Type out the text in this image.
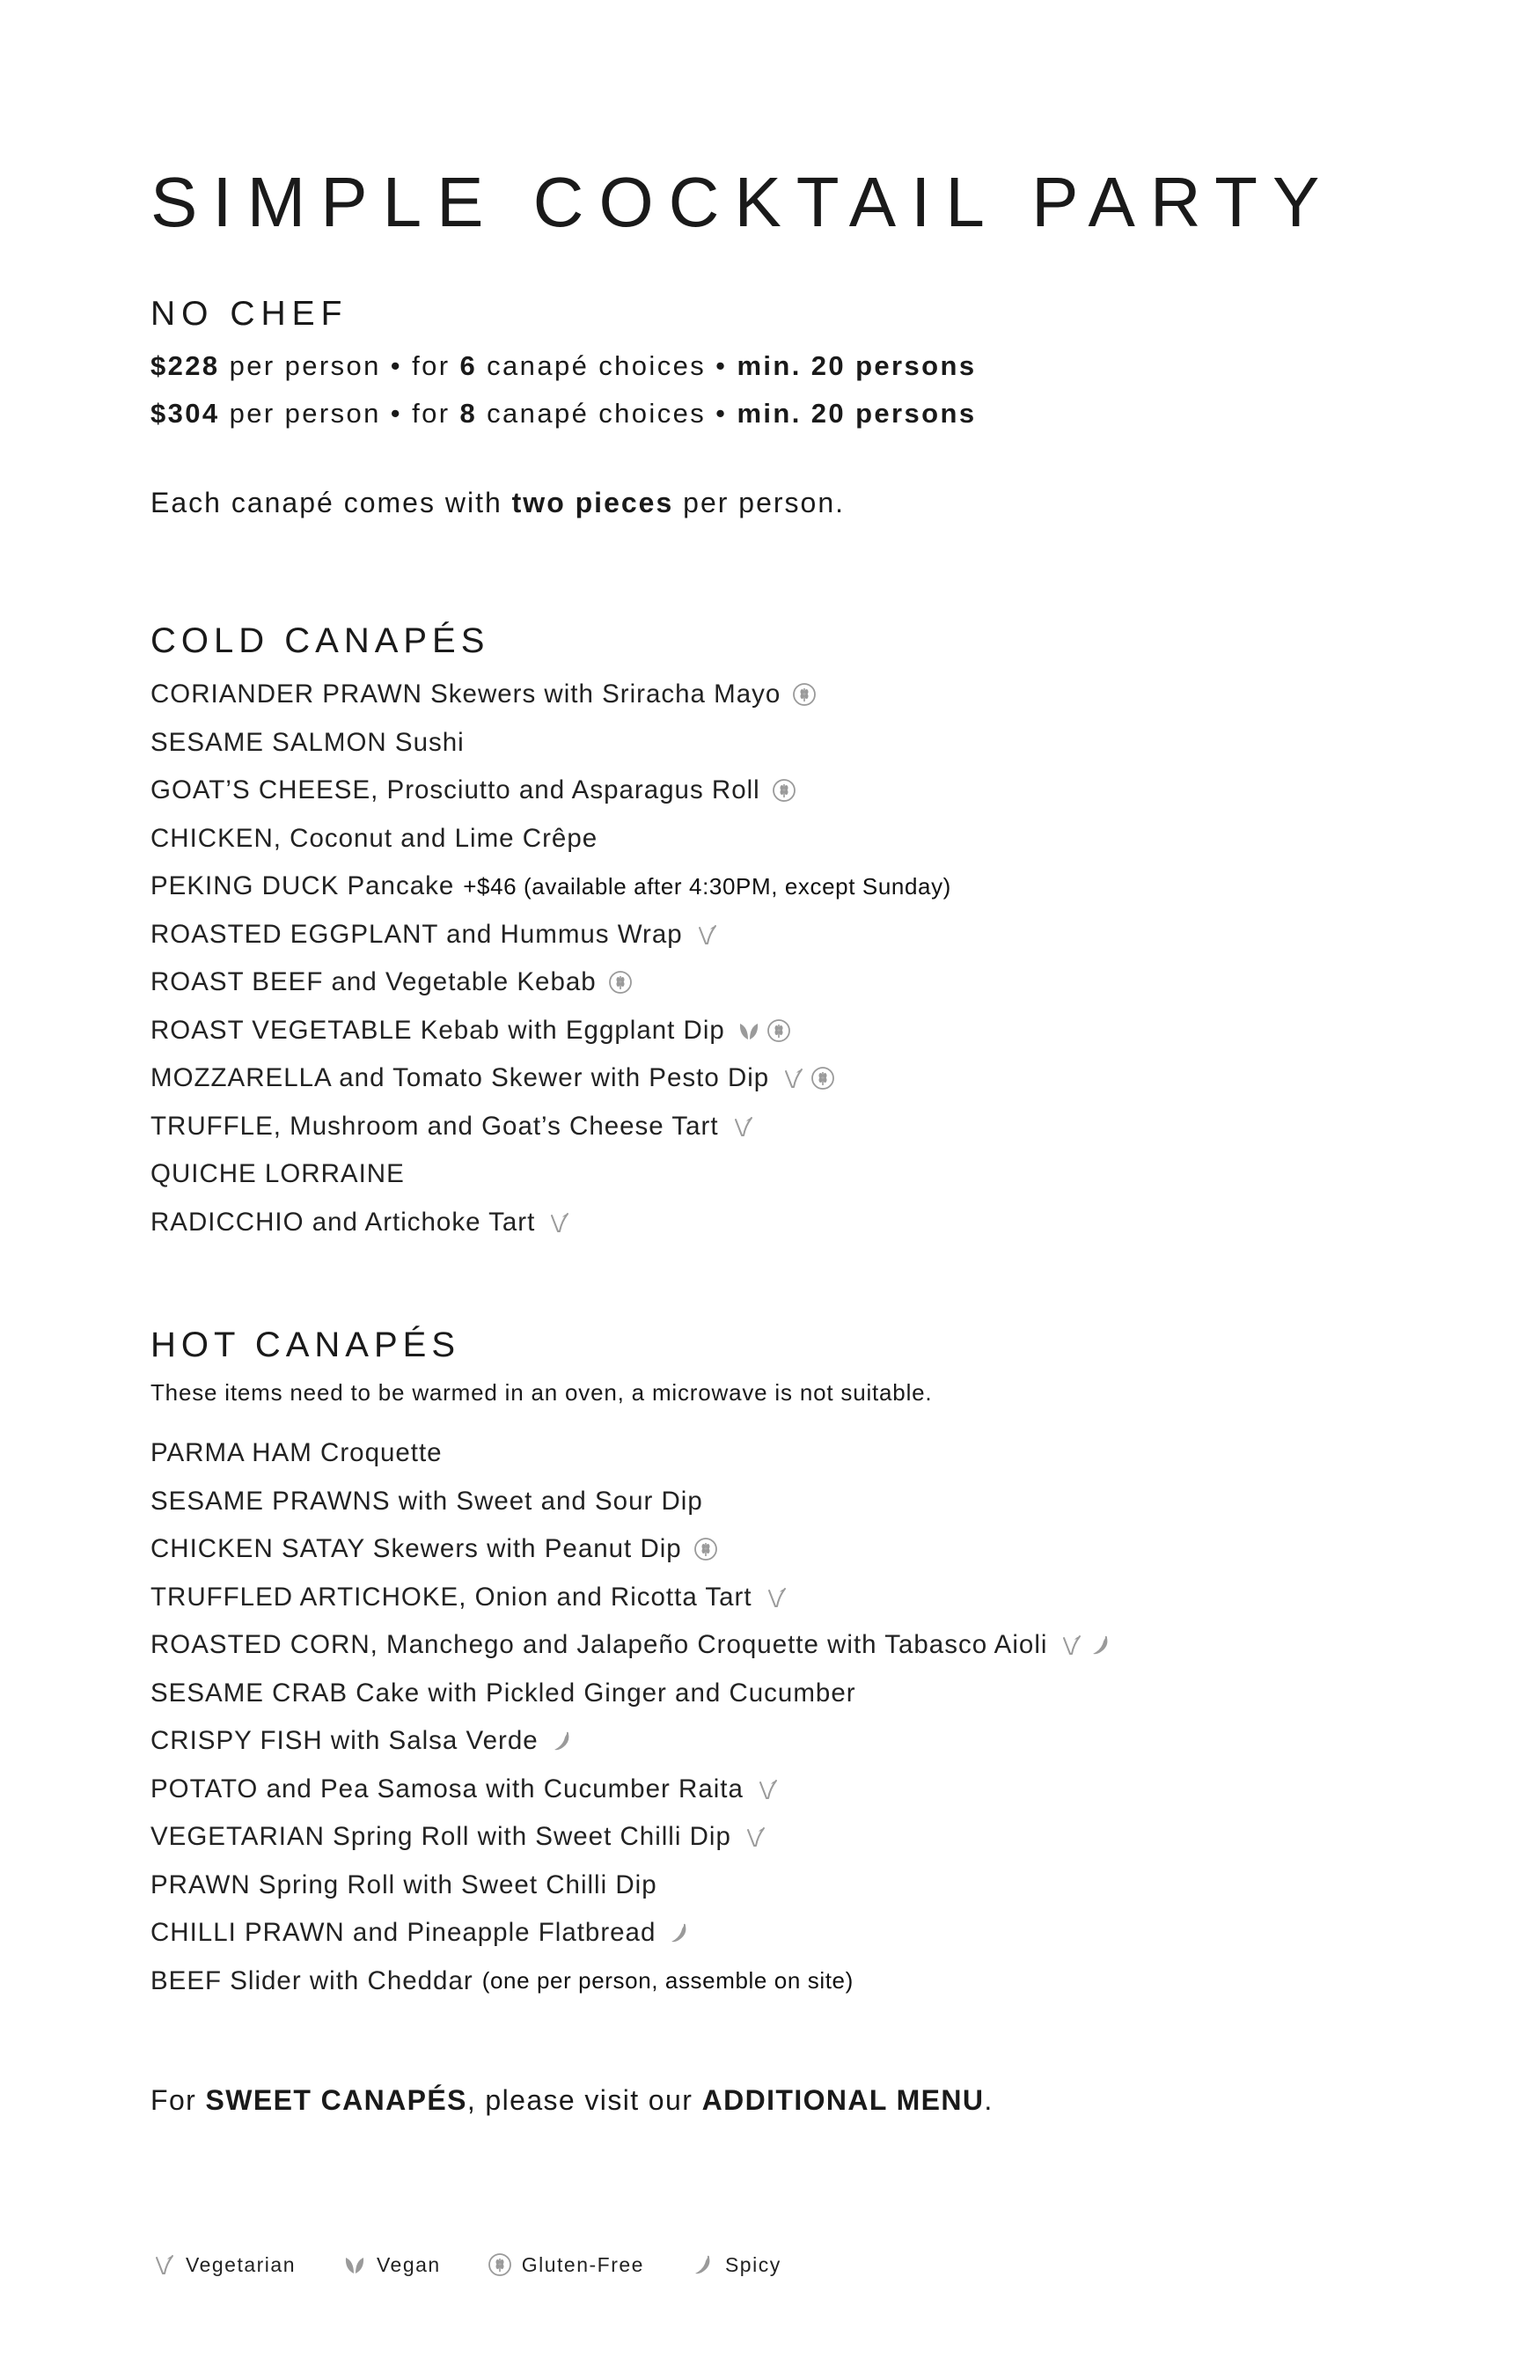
SIMPLE COCKTAIL PARTY
NO CHEF
$228 per person • for 6 canapé choices • min. 20 persons
$304 per person • for 8 canapé choices • min. 20 persons
Each canapé comes with two pieces per person.
COLD CANAPÉS
CORIANDER PRAWN Skewers with Sriracha Mayo
SESAME SALMON Sushi
GOAT’S CHEESE, Prosciutto and Asparagus Roll
CHICKEN, Coconut and Lime Crêpe
PEKING DUCK Pancake +$46 (available after 4:30PM, except Sunday)
ROASTED EGGPLANT and Hummus Wrap
ROAST BEEF and Vegetable Kebab
ROAST VEGETABLE Kebab with Eggplant Dip
MOZZARELLA and Tomato Skewer with Pesto Dip
TRUFFLE, Mushroom and Goat’s Cheese Tart
QUICHE LORRAINE
RADICCHIO and Artichoke Tart
HOT CANAPÉS
These items need to be warmed in an oven, a microwave is not suitable.
PARMA HAM Croquette
SESAME PRAWNS with Sweet and Sour Dip
CHICKEN SATAY Skewers with Peanut Dip
TRUFFLED ARTICHOKE, Onion and Ricotta Tart
ROASTED CORN, Manchego and Jalapeño Croquette with Tabasco Aioli
SESAME CRAB Cake with Pickled Ginger and Cucumber
CRISPY FISH with Salsa Verde
POTATO and Pea Samosa with Cucumber Raita
VEGETARIAN Spring Roll with Sweet Chilli Dip
PRAWN Spring Roll with Sweet Chilli Dip
CHILLI PRAWN and Pineapple Flatbread
BEEF Slider with Cheddar (one per person, assemble on site)
For SWEET CANAPÉS, please visit our ADDITIONAL MENU.
Vegetarian	Vegan	Gluten-Free	Spicy
